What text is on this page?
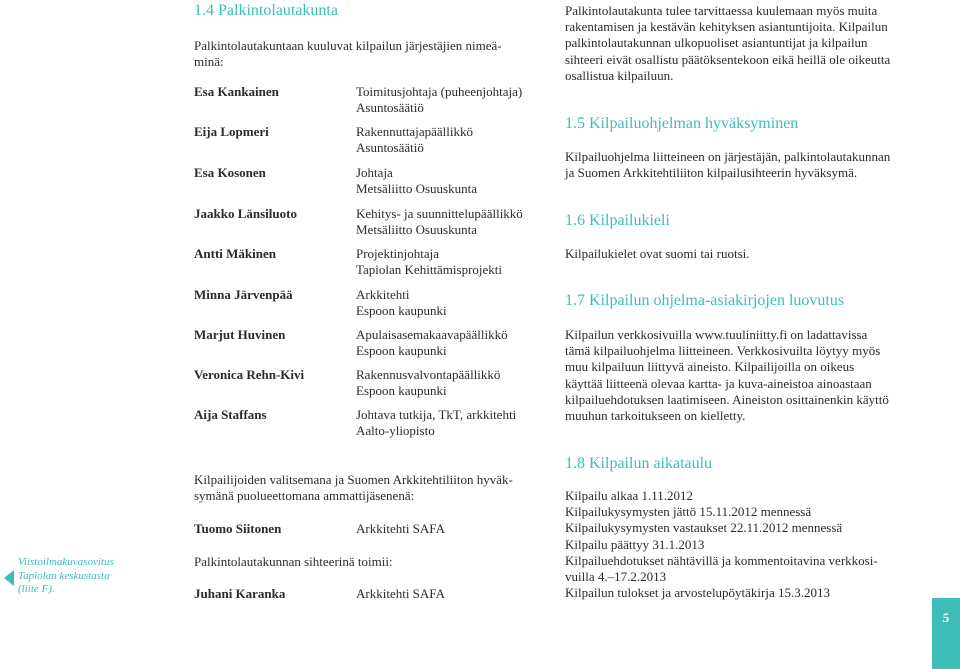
1.4 Palkintolautakunta
Palkintolautakuntaan kuuluvat kilpailun järjestäjien nimeä-
minä:
Esa Kankainen	Toimitusjohtaja (puheenjohtaja)
Asuntosäätiö
Eija Lopmeri	Rakennuttajapäällikkö
Asuntosäätiö
Esa Kosonen	Johtaja
Metsäliitto Osuuskunta
Jaakko Länsiluoto	Kehitys- ja suunnittelupäällikkö
Metsäliitto Osuuskunta
Antti Mäkinen	Projektinjohtaja
Tapiolan Kehittämisprojekti
Minna Järvenpää	Arkkitehti
Espoon kaupunki
Marjut Huvinen	Apulaisasemakaavapäällikkö
Espoon kaupunki
Veronica Rehn-Kivi	Rakennusvalvontapäällikkö
Espoon kaupunki
Aija Staffans	Johtava tutkija, TkT, arkkitehti
Aalto-yliopisto
Kilpailijoiden valitsemana ja Suomen Arkkitehtiliiton hyväk-
symänä puolueettomana ammattijäsenenä:
Tuomo Siitonen	Arkkitehti SAFA
Palkintolautakunnan sihteerinä toimii:
Juhani Karanka	Arkkitehti SAFA
Viistoilmakuvasovitus
Tapiolan keskustasta
(liite F).
Palkintolautakunta tulee tarvittaessa kuulemaan myös muita
rakentamisen ja kestävän kehityksen asiantuntijoita. Kilpailun
palkintolautakunnan ulkopuoliset asiantuntijat ja kilpailun
sihteeri eivät osallistu päätöksentekoon eikä heillä ole oikeutta
osallistua kilpailuun.
1.5 Kilpailuohjelman hyväksyminen
Kilpailuohjelma liitteineen on järjestäjän, palkintolautakunnan
ja Suomen Arkkitehtiliiton kilpailusihteerin hyväksymä.
1.6 Kilpailukieli
Kilpailukielet ovat suomi tai ruotsi.
1.7 Kilpailun ohjelma-asiakirjojen luovutus
Kilpailun verkkosivuilla www.tuuliniitty.fi on ladattavissa
tämä kilpailuohjelma liitteineen. Verkkosivuilta löytyy myös
muu kilpailuun liittyvä aineisto. Kilpailijoilla on oikeus
käyttää liitteenä olevaa kartta- ja kuva-aineistoa ainoastaan
kilpailuehdotuksen laatimiseen. Aineiston osittainenkin käyttö
muuhun tarkoitukseen on kielletty.
1.8 Kilpailun aikataulu
Kilpailu alkaa 1.11.2012
Kilpailukysymysten jättö 15.11.2012 mennessä
Kilpailukysymysten vastaukset 22.11.2012 mennessä
Kilpailu päättyy 31.1.2013
Kilpailuehdotukset nähtävillä ja kommentoitavina verkkosi-
vuilla 4.–17.2.2013
Kilpailun tulokset ja arvostelupöytäkirja 15.3.2013
5
